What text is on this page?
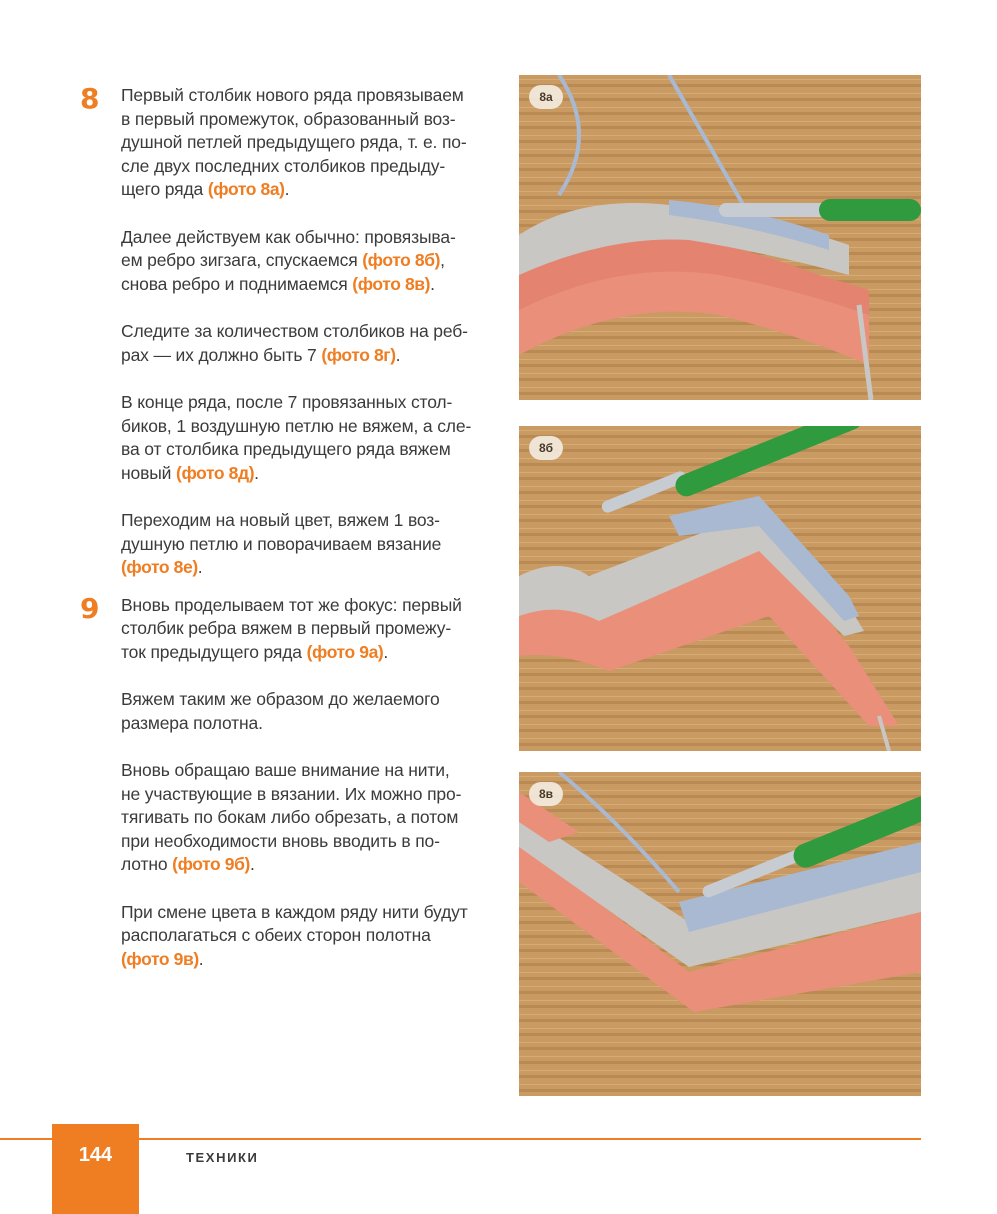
8 Первый столбик нового ряда провязываем
в первый промежуток, образованный воз-
душной петлей предыдущего ряда, т. е. по-
сле двух последних столбиков предыду-
щего ряда (фото 8а).

Далее действуем как обычно: провязыва-
ем ребро зигзага, спускаемся (фото 8б),
снова ребро и поднимаемся (фото 8в).

Следите за количеством столбиков на реб-
рах — их должно быть 7 (фото 8г).

В конце ряда, после 7 провязанных стол-
биков, 1 воздушную петлю не вяжем, а сле-
ва от столбика предыдущего ряда вяжем
новый (фото 8д).

Переходим на новый цвет, вяжем 1 воз-
душную петлю и поворачиваем вязание
(фото 8е).

9 Вновь проделываем тот же фокус: первый
столбик ребра вяжем в первый промежу-
ток предыдущего ряда (фото 9а).

Вяжем таким же образом до желаемого
размера полотна.

Вновь обращаю ваше внимание на нити,
не участвующие в вязании. Их можно про-
тягивать по бокам либо обрезать, а потом
при необходимости вновь вводить в по-
лотно (фото 9б).

При смене цвета в каждом ряду нити будут
располагаться с обеих сторон полотна
(фото 9в).

8а
8б
8в
144	ТЕХНИКИ
